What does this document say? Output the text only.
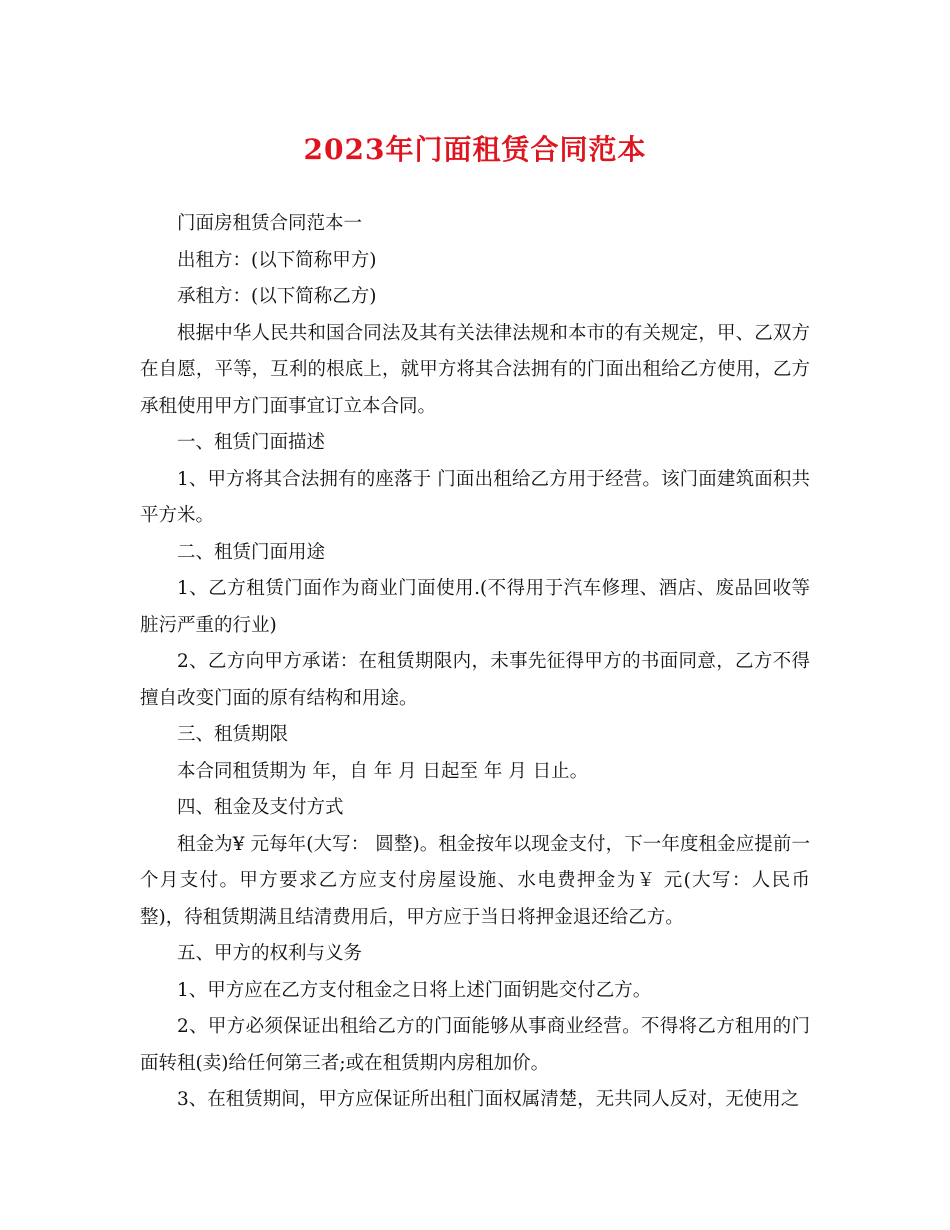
2023年门面租赁合同范本

门面房租赁合同范本一

出租方：(以下简称甲方)

承租方：(以下简称乙方)

根据中华人民共和国合同法及其有关法律法规和本市的有关规定，甲、乙双方在自愿，平等，互利的根底上，就甲方将其合法拥有的门面出租给乙方使用，乙方承租使用甲方门面事宜订立本合同。

一、租赁门面描述

1、甲方将其合法拥有的座落于 门面出租给乙方用于经营。该门面建筑面积共 平方米。

二、租赁门面用途

1、乙方租赁门面作为商业门面使用.(不得用于汽车修理、酒店、废品回收等脏污严重的行业)

2、乙方向甲方承诺：在租赁期限内，未事先征得甲方的书面同意，乙方不得擅自改变门面的原有结构和用途。

三、租赁期限

本合同租赁期为 年，自 年 月 日起至 年 月 日止。

四、租金及支付方式

租金为¥ 元每年(大写： 圆整)。租金按年以现金支付，下一年度租金应提前一个月支付。甲方要求乙方应支付房屋设施、水电费押金为￥ 元(大写：人民币 整)，待租赁期满且结清费用后，甲方应于当日将押金退还给乙方。

五、甲方的权利与义务

1、甲方应在乙方支付租金之日将上述门面钥匙交付乙方。

2、甲方必须保证出租给乙方的门面能够从事商业经营。不得将乙方租用的门面转租(卖)给任何第三者;或在租赁期内房租加价。

3、在租赁期间，甲方应保证所出租门面权属清楚，无共同人反对，无使用之
